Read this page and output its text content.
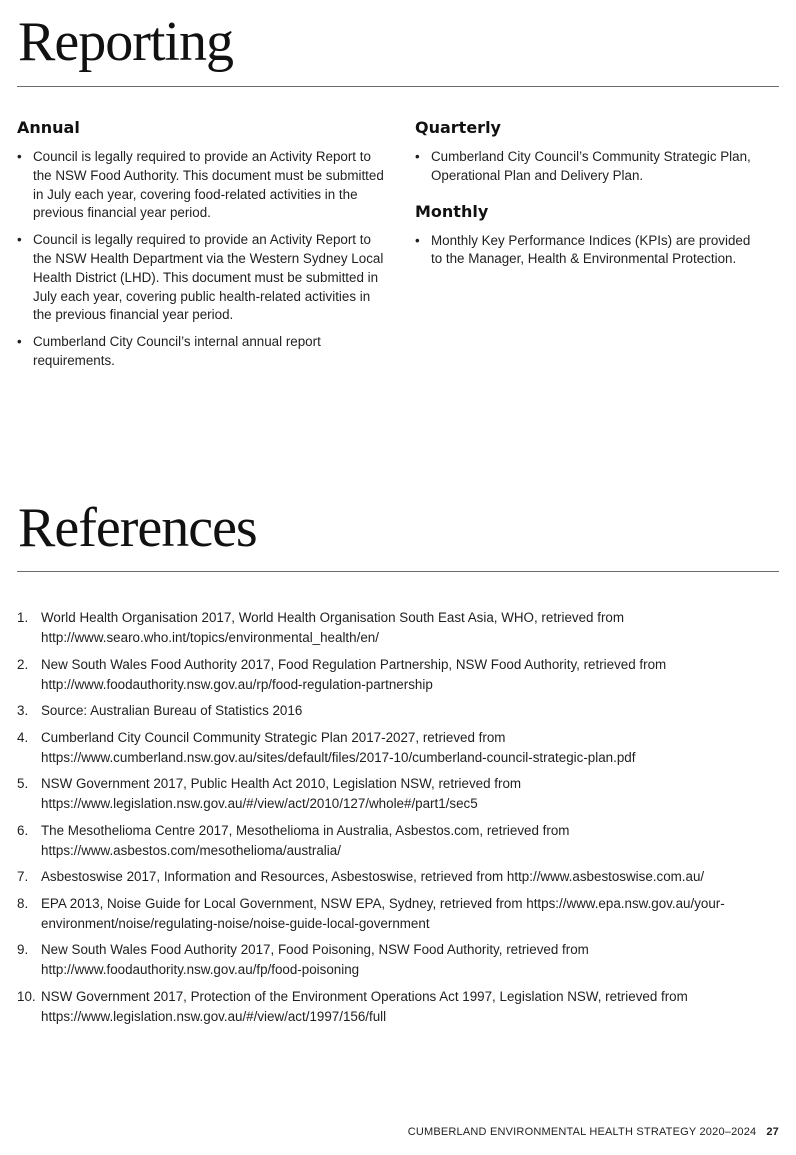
Reporting
Annual
• Council is legally required to provide an Activity Report to the NSW Food Authority. This document must be submitted in July each year, covering food-related activities in the previous financial year period.
• Council is legally required to provide an Activity Report to the NSW Health Department via the Western Sydney Local Health District (LHD). This document must be submitted in July each year, covering public health-related activities in the previous financial year period.
• Cumberland City Council’s internal annual report requirements.
Quarterly
• Cumberland City Council’s Community Strategic Plan, Operational Plan and Delivery Plan.
Monthly
• Monthly Key Performance Indices (KPIs) are provided to the Manager, Health & Environmental Protection.
References
1. World Health Organisation 2017, World Health Organisation South East Asia, WHO, retrieved from http://www.searo.who.int/topics/environmental_health/en/
2. New South Wales Food Authority 2017, Food Regulation Partnership, NSW Food Authority, retrieved from http://www.foodauthority.nsw.gov.au/rp/food-regulation-partnership
3. Source: Australian Bureau of Statistics 2016
4. Cumberland City Council Community Strategic Plan 2017-2027, retrieved from https://www.cumberland.nsw.gov.au/sites/default/files/2017-10/cumberland-council-strategic-plan.pdf
5. NSW Government 2017, Public Health Act 2010, Legislation NSW, retrieved from https://www.legislation.nsw.gov.au/#/view/act/2010/127/whole#/part1/sec5
6. The Mesothelioma Centre 2017, Mesothelioma in Australia, Asbestos.com, retrieved from https://www.asbestos.com/mesothelioma/australia/
7. Asbestoswise 2017, Information and Resources, Asbestoswise, retrieved from http://www.asbestoswise.com.au/
8. EPA 2013, Noise Guide for Local Government, NSW EPA, Sydney, retrieved from https://www.epa.nsw.gov.au/your-environment/noise/regulating-noise/noise-guide-local-government
9. New South Wales Food Authority 2017, Food Poisoning, NSW Food Authority, retrieved from http://www.foodauthority.nsw.gov.au/fp/food-poisoning
10. NSW Government 2017, Protection of the Environment Operations Act 1997, Legislation NSW, retrieved from https://www.legislation.nsw.gov.au/#/view/act/1997/156/full
CUMBERLAND ENVIRONMENTAL HEALTH STRATEGY 2020–2024 27
